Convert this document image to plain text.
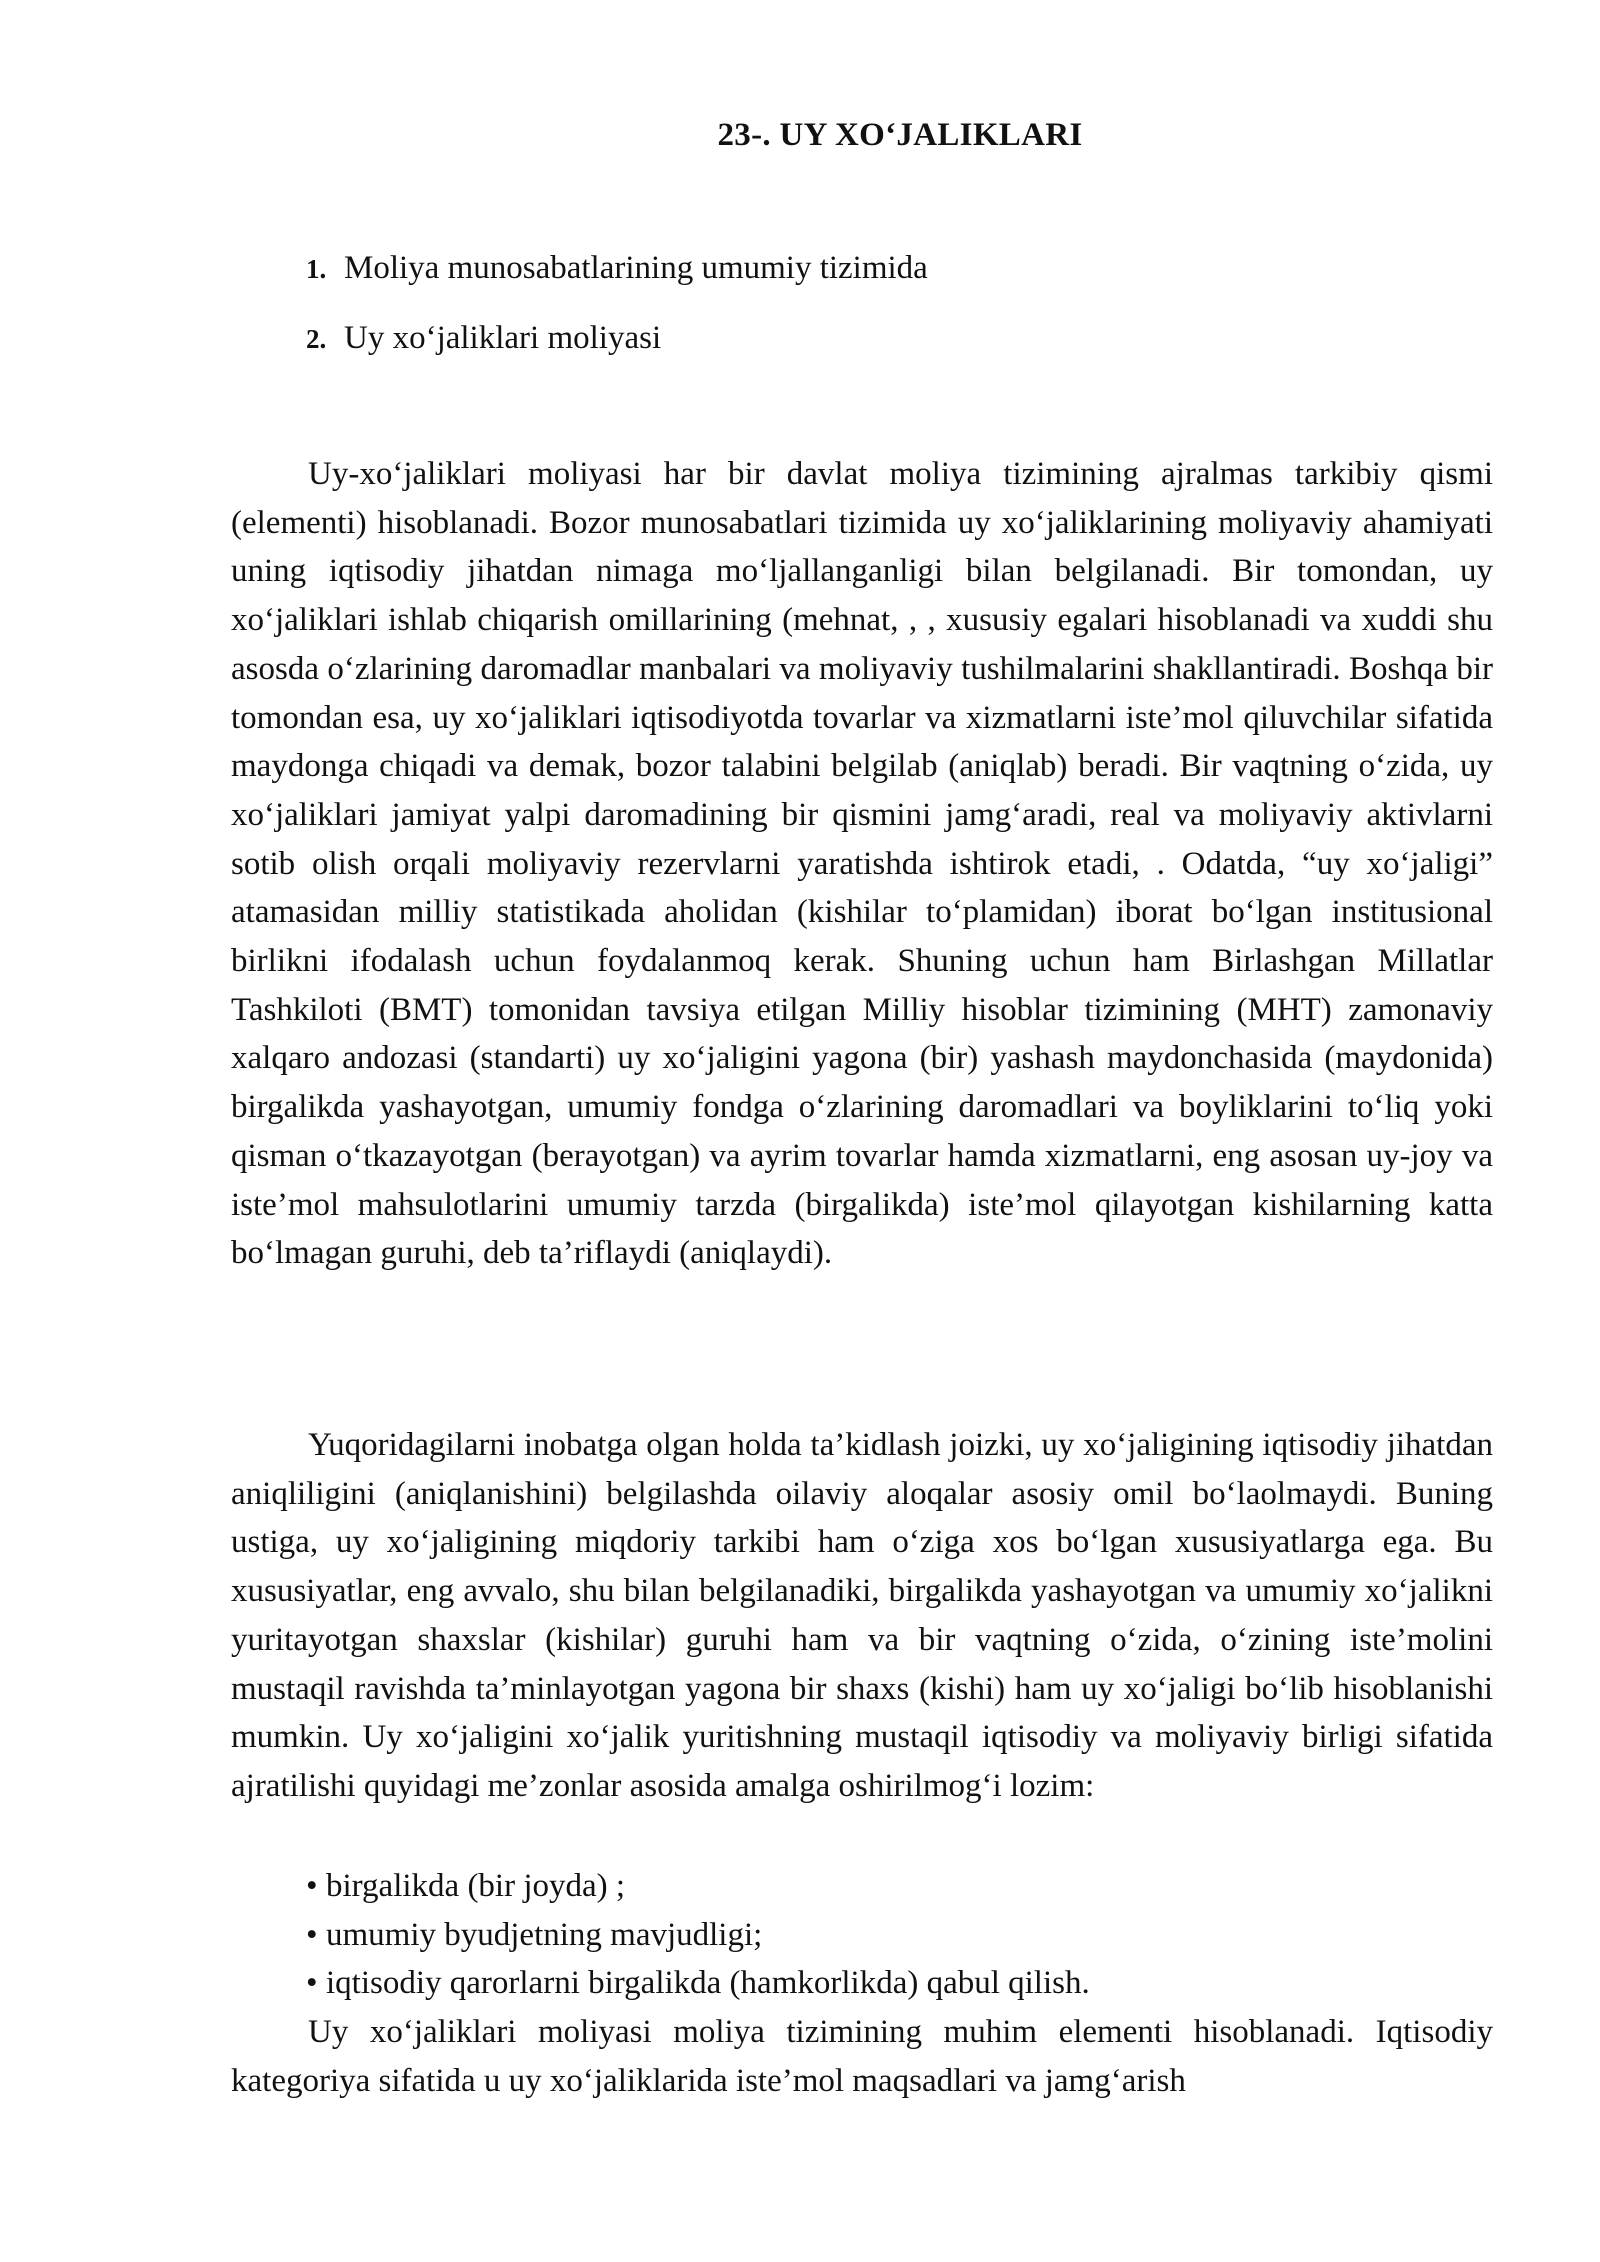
23-. UY XO‘JALIKLARI
1. Moliya munosabatlarining umumiy tizimida
2. Uy xo‘jaliklari moliyasi

Uy-xo‘jaliklari moliyasi har bir davlat moliya tizimining ajralmas tarkibiy qismi (elementi) hisoblanadi. Bozor munosabatlari tizimida uy xo‘jaliklarining moliyaviy ahamiyati uning iqtisodiy jihatdan nimaga mo‘ljallanganligi bilan belgilanadi. Bir tomondan, uy xo‘jaliklari ishlab chiqarish omillarining (mehnat, , , xususiy egalari hisoblanadi va xuddi shu asosda o‘zlarining daromadlar manbalari va moliyaviy tushilmalarini shakllantiradi. Boshqa bir tomondan esa, uy xo‘jaliklari iqtisodiyotda tovarlar va xizmatlarni iste’mol qiluvchilar sifatida maydonga chiqadi va demak, bozor talabini belgilab (aniqlab) beradi. Bir vaqtning o‘zida, uy xo‘jaliklari jamiyat yalpi daromadining bir qismini jamg‘aradi, real va moliyaviy aktivlarni sotib olish orqali moliyaviy rezervlarni yaratishda ishtirok etadi, . Odatda, “uy xo‘jaligi” atamasidan milliy statistikada aholidan (kishilar to‘plamidan) iborat bo‘lgan institusional birlikni ifodalash uchun foydalanmoq kerak. Shuning uchun ham Birlashgan Millatlar Tashkiloti (BMT) tomonidan tavsiya etilgan Milliy hisoblar tizimining (MHT) zamonaviy xalqaro andozasi (standarti) uy xo‘jaligini yagona (bir) yashash maydonchasida (maydonida) birgalikda yashayotgan, umumiy fondga o‘zlarining daromadlari va boyliklarini to‘liq yoki qisman o‘tkazayotgan (berayotgan) va ayrim tovarlar hamda xizmatlarni, eng asosan uy-joy va iste’mol mahsulotlarini umumiy tarzda (birgalikda) iste’mol qilayotgan kishilarning katta bo‘lmagan guruhi, deb ta’riflaydi (aniqlaydi).

Yuqoridagilarni inobatga olgan holda ta’kidlash joizki, uy xo‘jaligining iqtisodiy jihatdan aniqliligini (aniqlanishini) belgilashda oilaviy aloqalar asosiy omil bo‘laolmaydi. Buning ustiga, uy xo‘jaligining miqdoriy tarkibi ham o‘ziga xos bo‘lgan xususiyatlarga ega. Bu xususiyatlar, eng avvalo, shu bilan belgilanadiki, birgalikda yashayotgan va umumiy xo‘jalikni yuritayotgan shaxslar (kishilar) guruhi ham va bir vaqtning o‘zida, o‘zining iste’molini mustaqil ravishda ta’minlayotgan yagona bir shaxs (kishi) ham uy xo‘jaligi bo‘lib hisoblanishi mumkin. Uy xo‘jaligini xo‘jalik yuritishning mustaqil iqtisodiy va moliyaviy birligi sifatida ajratilishi quyidagi me’zonlar asosida amalga oshirilmog‘i lozim:

• birgalikda (bir joyda) ;
• umumiy byudjetning mavjudligi;
• iqtisodiy qarorlarni birgalikda (hamkorlikda) qabul qilish.

Uy xo‘jaliklari moliyasi moliya tizimining muhim elementi hisoblanadi. Iqtisodiy kategoriya sifatida u uy xo‘jaliklarida iste’mol maqsadlari va jamg‘arish
